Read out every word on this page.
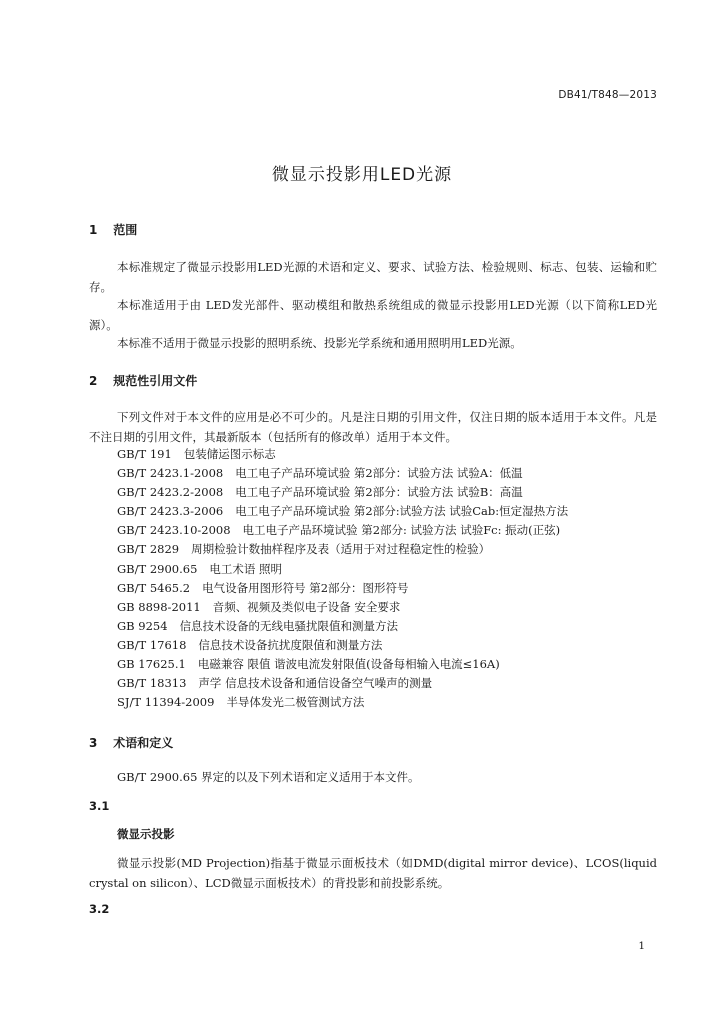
DB41/T848—2013
微显示投影用LED光源
1 范围

本标准规定了微显示投影用LED光源的术语和定义、要求、试验方法、检验规则、标志、包装、运输和贮存。

本标准适用于由 LED发光部件、驱动模组和散热系统组成的微显示投影用LED光源（以下简称LED光源）。

本标准不适用于微显示投影的照明系统、投影光学系统和通用照明用LED光源。

2 规范性引用文件

下列文件对于本文件的应用是必不可少的。凡是注日期的引用文件，仅注日期的版本适用于本文件。凡是不注日期的引用文件，其最新版本（包括所有的修改单）适用于本文件。

GB/T 191 包装储运图示标志
GB/T 2423.1-2008 电工电子产品环境试验 第2部分：试验方法 试验A：低温
GB/T 2423.2-2008 电工电子产品环境试验 第2部分：试验方法 试验B：高温
GB/T 2423.3-2006 电工电子产品环境试验 第2部分:试验方法 试验Cab:恒定湿热方法
GB/T 2423.10-2008 电工电子产品环境试验 第2部分: 试验方法 试验Fc: 振动(正弦)
GB/T 2829 周期检验计数抽样程序及表（适用于对过程稳定性的检验）
GB/T 2900.65 电工术语 照明
GB/T 5465.2 电气设备用图形符号 第2部分：图形符号
GB 8898-2011 音频、视频及类似电子设备 安全要求
GB 9254 信息技术设备的无线电骚扰限值和测量方法
GB/T 17618 信息技术设备抗扰度限值和测量方法
GB 17625.1 电磁兼容 限值 谐波电流发射限值(设备每相输入电流≤16A)
GB/T 18313 声学 信息技术设备和通信设备空气噪声的测量
SJ/T 11394-2009 半导体发光二极管测试方法
3 术语和定义

GB/T 2900.65 界定的以及下列术语和定义适用于本文件。

3.1
微显示投影

微显示投影(MD Projection)指基于微显示面板技术（如DMD(digital mirror device)、LCOS(liquid crystal on silicon）、LCD微显示面板技术）的背投影和前投影系统。

3.2
1
